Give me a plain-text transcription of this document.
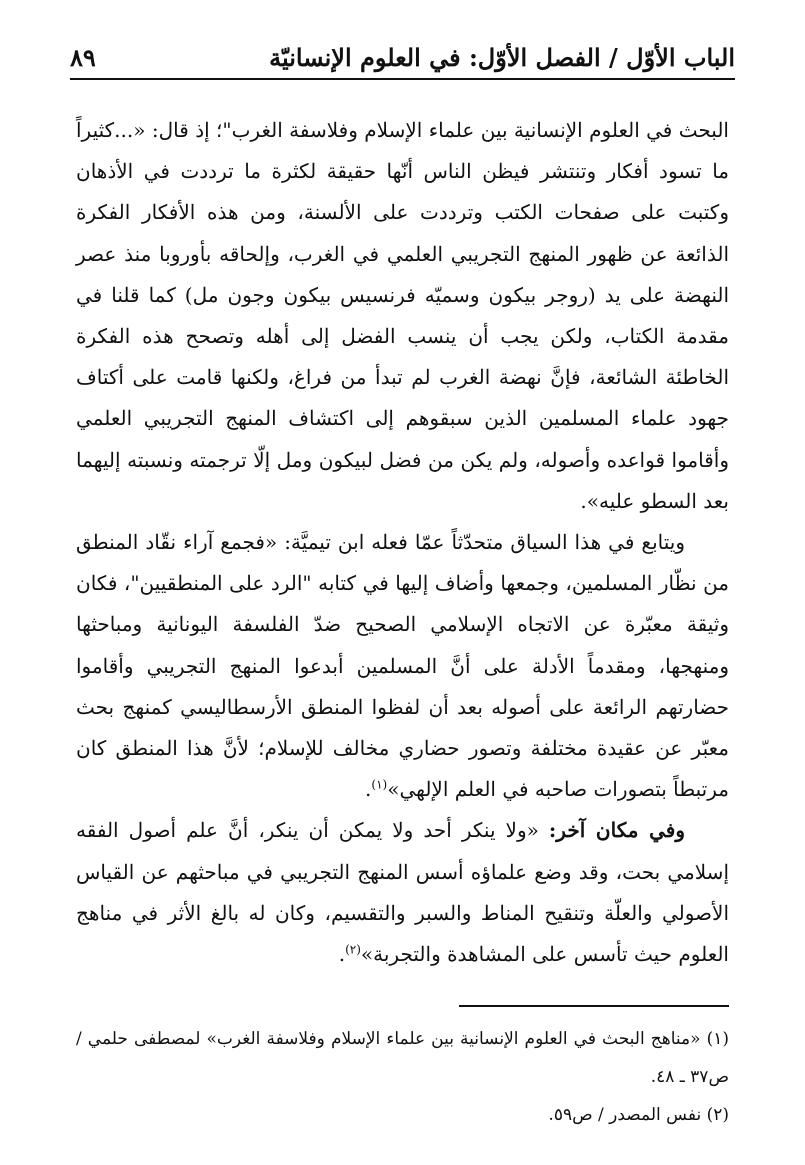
الباب الأوّل / الفصل الأوّل: في العلوم الإنسانيّة
٨٩

البحث في العلوم الإنسانية بين علماء الإسلام وفلاسفة الغرب"؛ إذ قال: «...كثيراً ما تسود أفكار وتنتشر فيظن الناس أنّها حقيقة لكثرة ما ترددت في الأذهان وكتبت على صفحات الكتب وترددت على الألسنة، ومن هذه الأفكار الفكرة الذائعة عن ظهور المنهج التجريبي العلمي في الغرب، وإلحاقه بأوروبا منذ عصر النهضة على يد (روجر بيكون وسميّه فرنسيس بيكون وجون مل) كما قلنا في مقدمة الكتاب، ولكن يجب أن ينسب الفضل إلى أهله وتصحح هذه الفكرة الخاطئة الشائعة، فإنَّ نهضة الغرب لم تبدأ من فراغ، ولكنها قامت على أكتاف جهود علماء المسلمين الذين سبقوهم إلى اكتشاف المنهج التجريبي العلمي وأقاموا قواعده وأصوله، ولم يكن من فضل لبيكون ومل إلّا ترجمته ونسبته إليهما بعد السطو عليه».

ويتابع في هذا السياق متحدّثاً عمّا فعله ابن تيميَّة: «فجمع آراء نقّاد المنطق من نظّار المسلمين، وجمعها وأضاف إليها في كتابه "الرد على المنطقيين"، فكان وثيقة معبّرة عن الاتجاه الإسلامي الصحيح ضدّ الفلسفة اليونانية ومباحثها ومنهجها، ومقدماً الأدلة على أنَّ المسلمين أبدعوا المنهج التجريبي وأقاموا حضارتهم الرائعة على أصوله بعد أن لفظوا المنطق الأرسطاليسي كمنهج بحث معبّر عن عقيدة مختلفة وتصور حضاري مخالف للإسلام؛ لأنَّ هذا المنطق كان مرتبطاً بتصورات صاحبه في العلم الإلهي»$^{(١)}$.

وفي مكان آخر: «ولا ينكر أحد ولا يمكن أن ينكر، أنَّ علم أصول الفقه إسلامي بحت، وقد وضع علماؤه أسس المنهج التجريبي في مباحثهم عن القياس الأصولي والعلّة وتنقيح المناط والسبر والتقسيم، وكان له بالغ الأثر في مناهج العلوم حيث تأسس على المشاهدة والتجربة»$^{(٢)}$.

(١) «مناهج البحث في العلوم الإنسانية بين علماء الإسلام وفلاسفة الغرب» لمصطفى حلمي / ص٣٧ ـ ٤٨.

(٢) نفس المصدر / ص٥٩.
